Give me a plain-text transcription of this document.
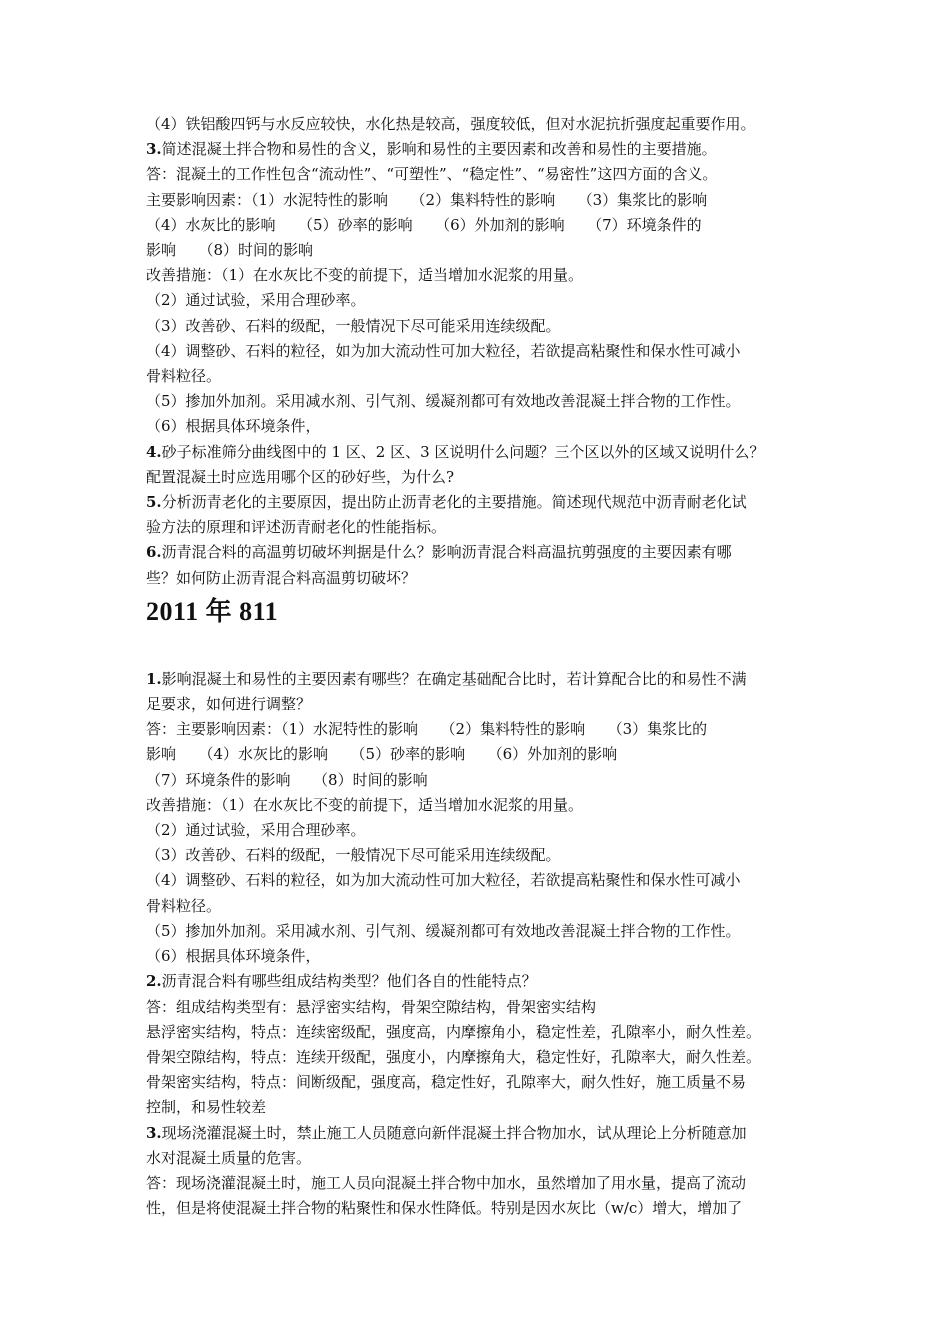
（4）铁铝酸四钙与水反应较快，水化热是较高，强度较低，但对水泥抗折强度起重要作用。

3.简述混凝土拌合物和易性的含义，影响和易性的主要因素和改善和易性的主要措施。

答：混凝土的工作性包含“流动性”、“可塑性”、“稳定性”、“易密性”这四方面的含义。

主要影响因素：（1）水泥特性的影响　　（2）集料特性的影响　　（3）集浆比的影响

（4）水灰比的影响　　（5）砂率的影响　　（6）外加剂的影响　　（7）环境条件的

影响　　（8）时间的影响

改善措施：（1）在水灰比不变的前提下，适当增加水泥浆的用量。

（2）通过试验，采用合理砂率。

（3）改善砂、石料的级配，一般情况下尽可能采用连续级配。

（4）调整砂、石料的粒径，如为加大流动性可加大粒径，若欲提高粘聚性和保水性可减小

骨料粒径。

（5）掺加外加剂。采用减水剂、引气剂、缓凝剂都可有效地改善混凝土拌合物的工作性。

（6）根据具体环境条件，

4.砂子标准筛分曲线图中的 1 区、2 区、3 区说明什么问题？三个区以外的区域又说明什么？

配置混凝土时应选用哪个区的砂好些，为什么?

5.分析沥青老化的主要原因，提出防止沥青老化的主要措施。简述现代规范中沥青耐老化试

验方法的原理和评述沥青耐老化的性能指标。

6.沥青混合料的高温剪切破坏判据是什么？影响沥青混合料高温抗剪强度的主要因素有哪

些？如何防止沥青混合料高温剪切破坏？

2011 年 811

1.影响混凝土和易性的主要因素有哪些？在确定基础配合比时，若计算配合比的和易性不满

足要求，如何进行调整？

答：主要影响因素：（1）水泥特性的影响　　（2）集料特性的影响　　（3）集浆比的

影响　　（4）水灰比的影响　　（5）砂率的影响　　（6）外加剂的影响

（7）环境条件的影响　　（8）时间的影响

改善措施：（1）在水灰比不变的前提下，适当增加水泥浆的用量。

（2）通过试验，采用合理砂率。

（3）改善砂、石料的级配，一般情况下尽可能采用连续级配。

（4）调整砂、石料的粒径，如为加大流动性可加大粒径，若欲提高粘聚性和保水性可减小

骨料粒径。

（5）掺加外加剂。采用减水剂、引气剂、缓凝剂都可有效地改善混凝土拌合物的工作性。

（6）根据具体环境条件，

2.沥青混合料有哪些组成结构类型？他们各自的性能特点？

答：组成结构类型有：悬浮密实结构，骨架空隙结构，骨架密实结构

悬浮密实结构，特点：连续密级配，强度高，内摩擦角小，稳定性差，孔隙率小，耐久性差。

骨架空隙结构，特点：连续开级配，强度小，内摩擦角大，稳定性好，孔隙率大，耐久性差。

骨架密实结构，特点：间断级配，强度高，稳定性好，孔隙率大，耐久性好，施工质量不易

控制，和易性较差

3.现场浇灌混凝土时，禁止施工人员随意向新伴混凝土拌合物加水，试从理论上分析随意加

水对混凝土质量的危害。

答：现场浇灌混凝土时，施工人员向混凝土拌合物中加水，虽然增加了用水量，提高了流动

性，但是将使混凝土拌合物的粘聚性和保水性降低。特别是因水灰比（w/c）增大，增加了
